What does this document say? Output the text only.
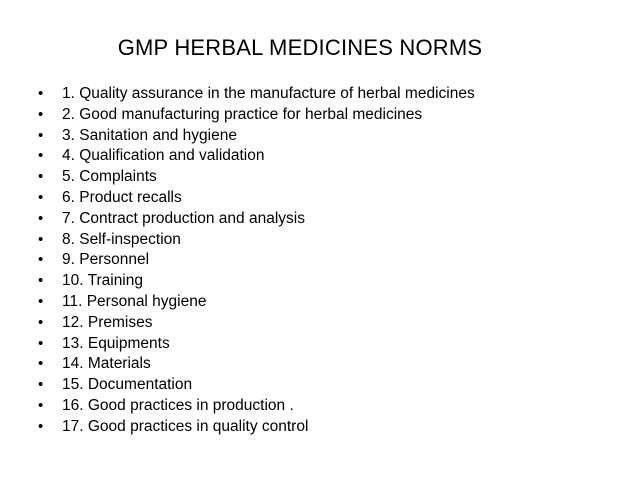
GMP HERBAL MEDICINES NORMS
•	1. Quality assurance in the manufacture of herbal medicines
•	2. Good manufacturing practice for herbal medicines
•	3. Sanitation and hygiene
•	4. Qualification and validation
•	5. Complaints
•	6. Product recalls
•	7. Contract production and analysis
•	8. Self-inspection
•	9. Personnel
•	10. Training
•	11. Personal hygiene
•	12. Premises
•	13. Equipments
•	14. Materials
•	15. Documentation
•	16. Good practices in production .
•	17. Good practices in quality control
